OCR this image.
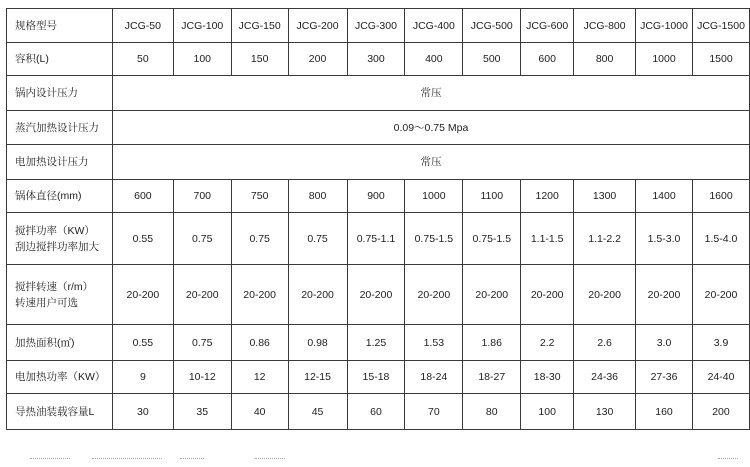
规格型号	JCG-50	JCG-100	JCG-150	JCG-200	JCG-300	JCG-400	JCG-500	JCG-600	JCG-800	JCG-1000	JCG-1500
容积(L)	50	100	150	200	300	400	500	600	800	1000	1500
锅内设计压力	常压										
蒸汽加热设计压力	0.09～0.75 Mpa										
电加热设计压力	常压										
锅体直径(mm)	600	700	750	800	900	1000	1100	1200	1300	1400	1600

搅拌功率（KW）
刮边搅拌功率加大	0.55	0.75	0.75	0.75	0.75-1.1	0.75-1.5	0.75-1.5	1.1-1.5	1.1-2.2	1.5-3.0	1.5-4.0

搅拌转速（r/m）
转速用户可选	20-200	20-200	20-200	20-200	20-200	20-200	20-200	20-200	20-200	20-200	20-200
加热面积(㎡)	0.55	0.75	0.86	0.98	1.25	1.53	1.86	2.2	2.6	3.0	3.9
电加热功率（KW）	9	10-12	12	12-15	15-18	18-24	18-27	18-30	24-36	27-36	24-40
导热油装载容量L	30	35	40	45	60	70	80	100	130	160	200
